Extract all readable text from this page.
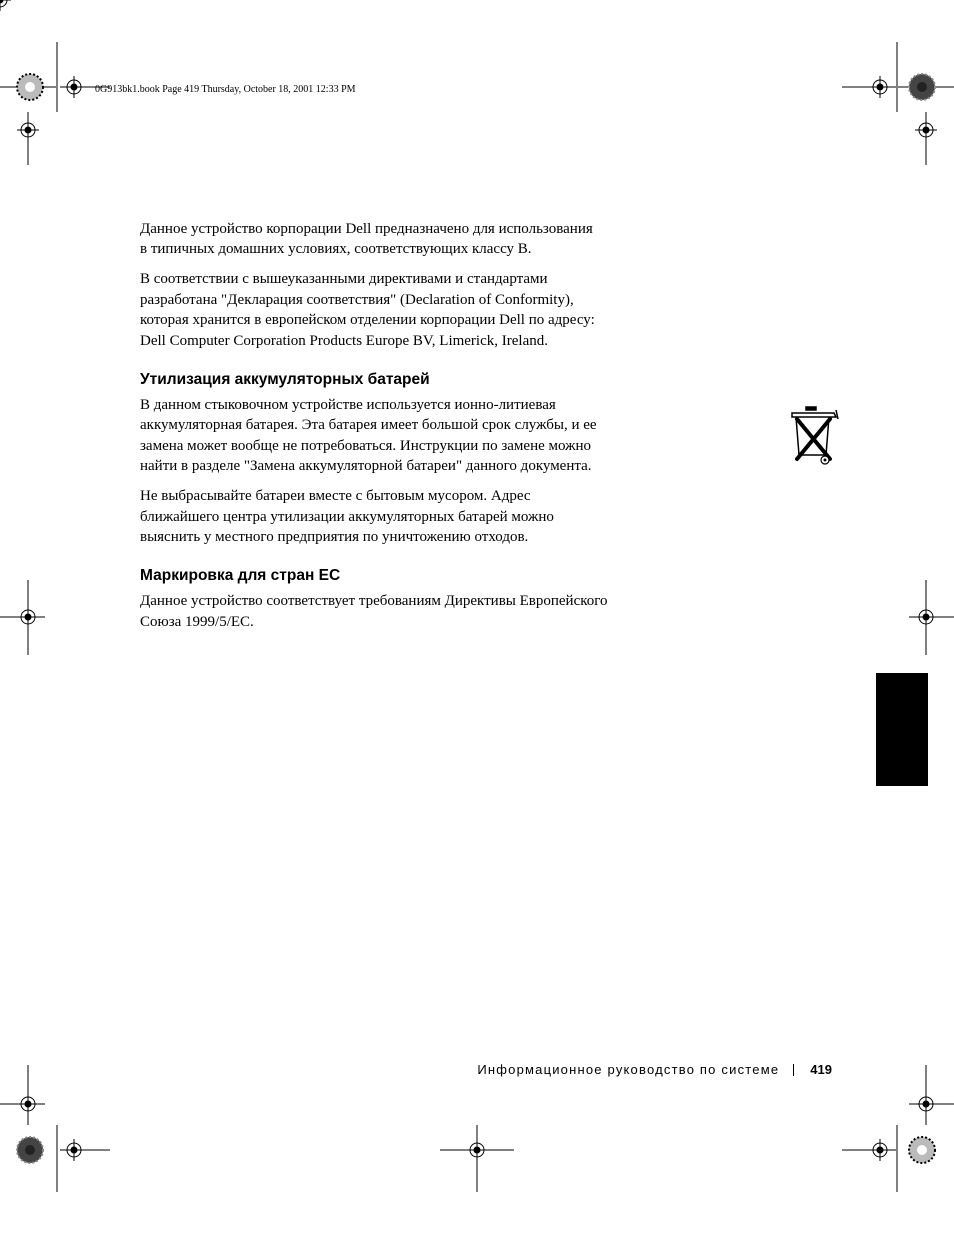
0G913bk1.book Page 419 Thursday, October 18, 2001 12:33 PM

Данное устройство корпорации Dell предназначено для использования
в типичных домашних условиях, соответствующих классу В.

В соответствии с вышеуказанными директивами и стандартами
разработана "Декларация соответствия" (Declaration of Conformity),
которая хранится в европейском отделении корпорации Dell по адресу:
Dell Computer Corporation Products Europe BV, Limerick, Ireland.

Утилизация аккумуляторных батарей

В данном стыковочном устройстве используется ионно-литиевая
аккумуляторная батарея. Эта батарея имеет большой срок службы, и ее
замена может вообще не потребоваться. Инструкции по замене можно
найти в разделе "Замена аккумуляторной батареи" данного документа.

Не выбрасывайте батареи вместе с бытовым мусором. Адрес
ближайшего центра утилизации аккумуляторных батарей можно
выяснить у местного предприятия по уничтожению отходов.

Маркировка для стран ЕС

Данное устройство соответствует требованиям Директивы Европейского
Союза 1999/5/EC.

Информационное руководство по системе 419
